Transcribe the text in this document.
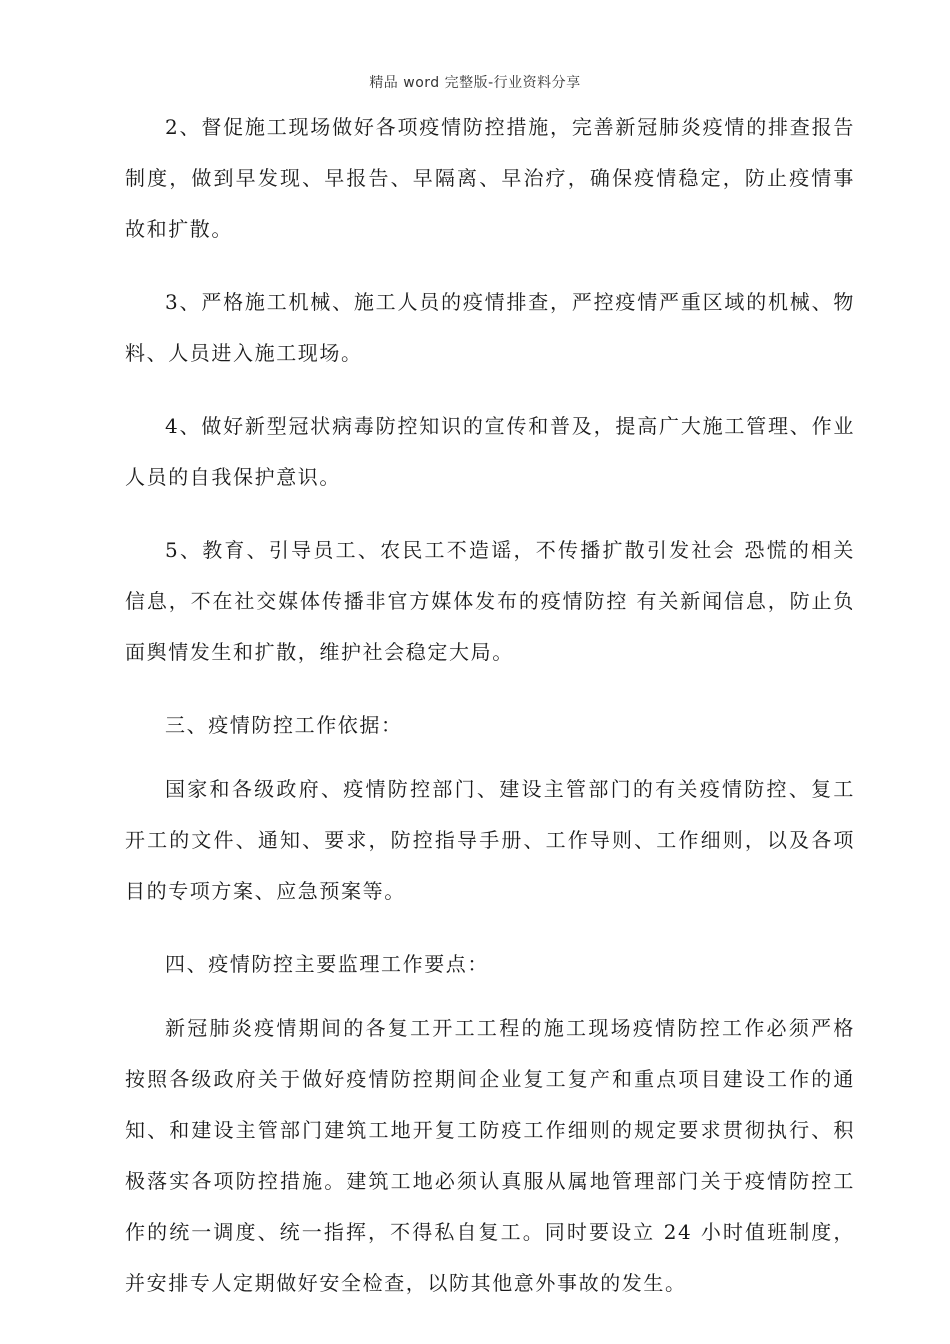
精品 word 完整版-行业资料分享

2、督促施工现场做好各项疫情防控措施，完善新冠肺炎疫情的排查报告制度，做到早发现、早报告、早隔离、早治疗，确保疫情稳定，防止疫情事故和扩散。

3、严格施工机械、施工人员的疫情排查，严控疫情严重区域的机械、物料、人员进入施工现场。

4、做好新型冠状病毒防控知识的宣传和普及，提高广大施工管理、作业人员的自我保护意识。

5、教育、引导员工、农民工不造谣，不传播扩散引发社会 恐慌的相关信息，不在社交媒体传播非官方媒体发布的疫情防控 有关新闻信息，防止负面舆情发生和扩散，维护社会稳定大局。

三、疫情防控工作依据：

国家和各级政府、疫情防控部门、建设主管部门的有关疫情防控、复工开工的文件、通知、要求，防控指导手册、工作导则、工作细则，以及各项目的专项方案、应急预案等。

四、疫情防控主要监理工作要点：

新冠肺炎疫情期间的各复工开工工程的施工现场疫情防控工作必须严格按照各级政府关于做好疫情防控期间企业复工复产和重点项目建设工作的通知、和建设主管部门建筑工地开复工防疫工作细则的规定要求贯彻执行、积极落实各项防控措施。建筑工地必须认真服从属地管理部门关于疫情防控工作的统一调度、统一指挥，不得私自复工。同时要设立 24 小时值班制度，并安排专人定期做好安全检查，以防其他意外事故的发生。
